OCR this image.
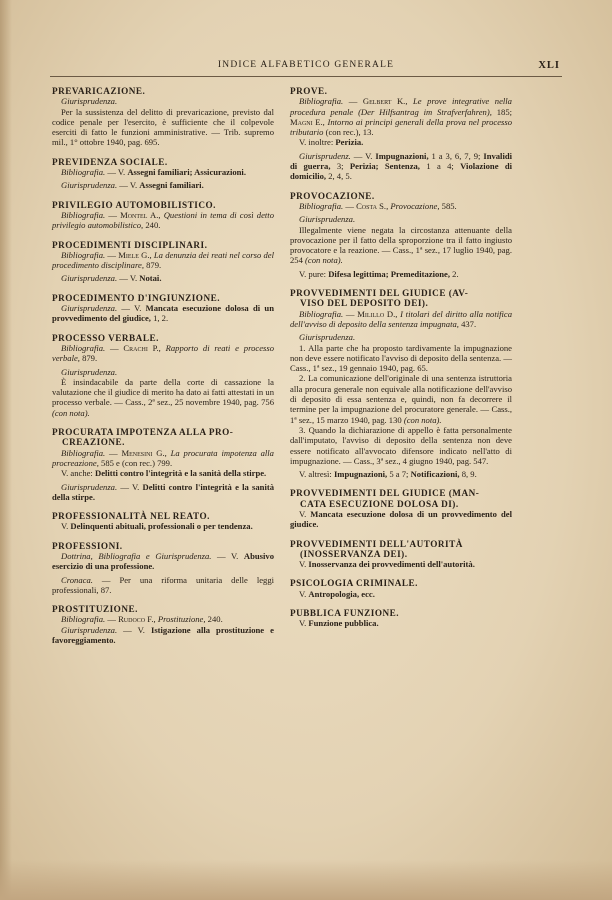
INDICE ALFABETICO GENERALE	XLI
PREVARICAZIONE.

Giurisprudenza.

Per la sussistenza del delitto di prevaricazione, previsto dal codice penale per l'esercito, è sufficiente che il colpevole eserciti di fatto le funzioni amministrative. — Trib. supremo mil., 1° ottobre 1940, pag. 695.

PREVIDENZA SOCIALE.

Bibliografia. — V. Assegni familiari; Assicurazioni.

Giurisprudenza. — V. Assegni familiari.

PRIVILEGIO AUTOMOBILISTICO.

Bibliografia. — Montel A., Questioni in tema di così detto privilegio automobilistico, 240.

PROCEDIMENTI DISCIPLINARI.

Bibliografia. — Miele G., La denunzia dei reati nel corso del procedimento disciplinare, 879.

Giurisprudenza. — V. Notai.

PROCEDIMENTO D'INGIUNZIONE.

Giurisprudenza. — V. Mancata esecuzione dolosa di un provvedimento del giudice, 1, 2.

PROCESSO VERBALE.

Bibliografia. — Crachi P., Rapporto di reati e processo verbale, 879.

Giurisprudenza.

È insindacabile da parte della corte di cassazione la valutazione che il giudice di merito ha dato ai fatti attestati in un processo verbale. — Cass., 2ª sez., 25 novembre 1940, pag. 756 (con nota).

PROCURATA IMPOTENZA ALLA PRO-
CREAZIONE.

Bibliografia. — Menesini G., La procurata impotenza alla procreazione, 585 e (con rec.) 799.

V. anche: Delitti contro l'integrità e la sanità della stirpe.

Giurisprudenza. — V. Delitti contro l'integrità e la sanità della stirpe.

PROFESSIONALITÀ NEL REATO.

V. Delinquenti abituali, professionali o per tendenza.

PROFESSIONI.

Dottrina, Bibliografia e Giurisprudenza. — V. Abusivo esercizio di una professione.

Cronaca. — Per una riforma unitaria delle leggi professionali, 87.

PROSTITUZIONE.

Bibliografia. — Rudoco F., Prostituzione, 240.

Giurisprudenza. — V. Istigazione alla prostituzione e favoreggiamento.

PROVE.

Bibliografia. — Gelbert K., Le prove integrative nella procedura penale (Der Hilfsantrag im Strafverfahren), 185; Magni E., Intorno ai principi generali della prova nel processo tributario (con rec.), 13.

V. inoltre: Perizia.

Giurisprudenz. — V. Impugnazioni, 1 a 3, 6, 7, 9; Invalidi di guerra, 3; Perizia; Sentenza, 1 a 4; Violazione di domicilio, 2, 4, 5.

PROVOCAZIONE.

Bibliografia. — Costa S., Provocazione, 585.

Giurisprudenza.

Illegalmente viene negata la circostanza attenuante della provocazione per il fatto della sproporzione tra il fatto ingiusto provocatore e la reazione. — Cass., 1ª sez., 17 luglio 1940, pag. 254 (con nota).

V. pure: Difesa legittima; Premeditazione, 2.

PROVVEDIMENTI DEL GIUDICE (AV-
VISO DEL DEPOSITO DEI).

Bibliografia. — Milillo D., I titolari del diritto alla notifica dell'avviso di deposito della sentenza impugnata, 437.

Giurisprudenza.

1. Alla parte che ha proposto tardivamente la impugnazione non deve essere notificato l'avviso di deposito della sentenza. — Cass., 1ª sez., 19 gennaio 1940, pag. 65.

2. La comunicazione dell'originale di una sentenza istruttoria alla procura generale non equivale alla notificazione dell'avviso di deposito di essa sentenza e, quindi, non fa decorrere il termine per la impugnazione del procuratore generale. — Cass., 1ª sez., 15 marzo 1940, pag. 130 (con nota).

3. Quando la dichiarazione di appello è fatta personalmente dall'imputato, l'avviso di deposito della sentenza non deve essere notificato all'avvocato difensore indicato nell'atto di impugnazione. — Cass., 3ª sez., 4 giugno 1940, pag. 547.

V. altresì: Impugnazioni, 5 a 7; Notificazioni, 8, 9.

PROVVEDIMENTI DEL GIUDICE (MAN-
CATA ESECUZIONE DOLOSA DI).

V. Mancata esecuzione dolosa di un provvedimento del giudice.

PROVVEDIMENTI DELL'AUTORITÀ
(INOSSERVANZA DEI).

V. Inosservanza dei provvedimenti dell'autorità.

PSICOLOGIA CRIMINALE.

V. Antropologia, ecc.

PUBBLICA FUNZIONE.

V. Funzione pubblica.
